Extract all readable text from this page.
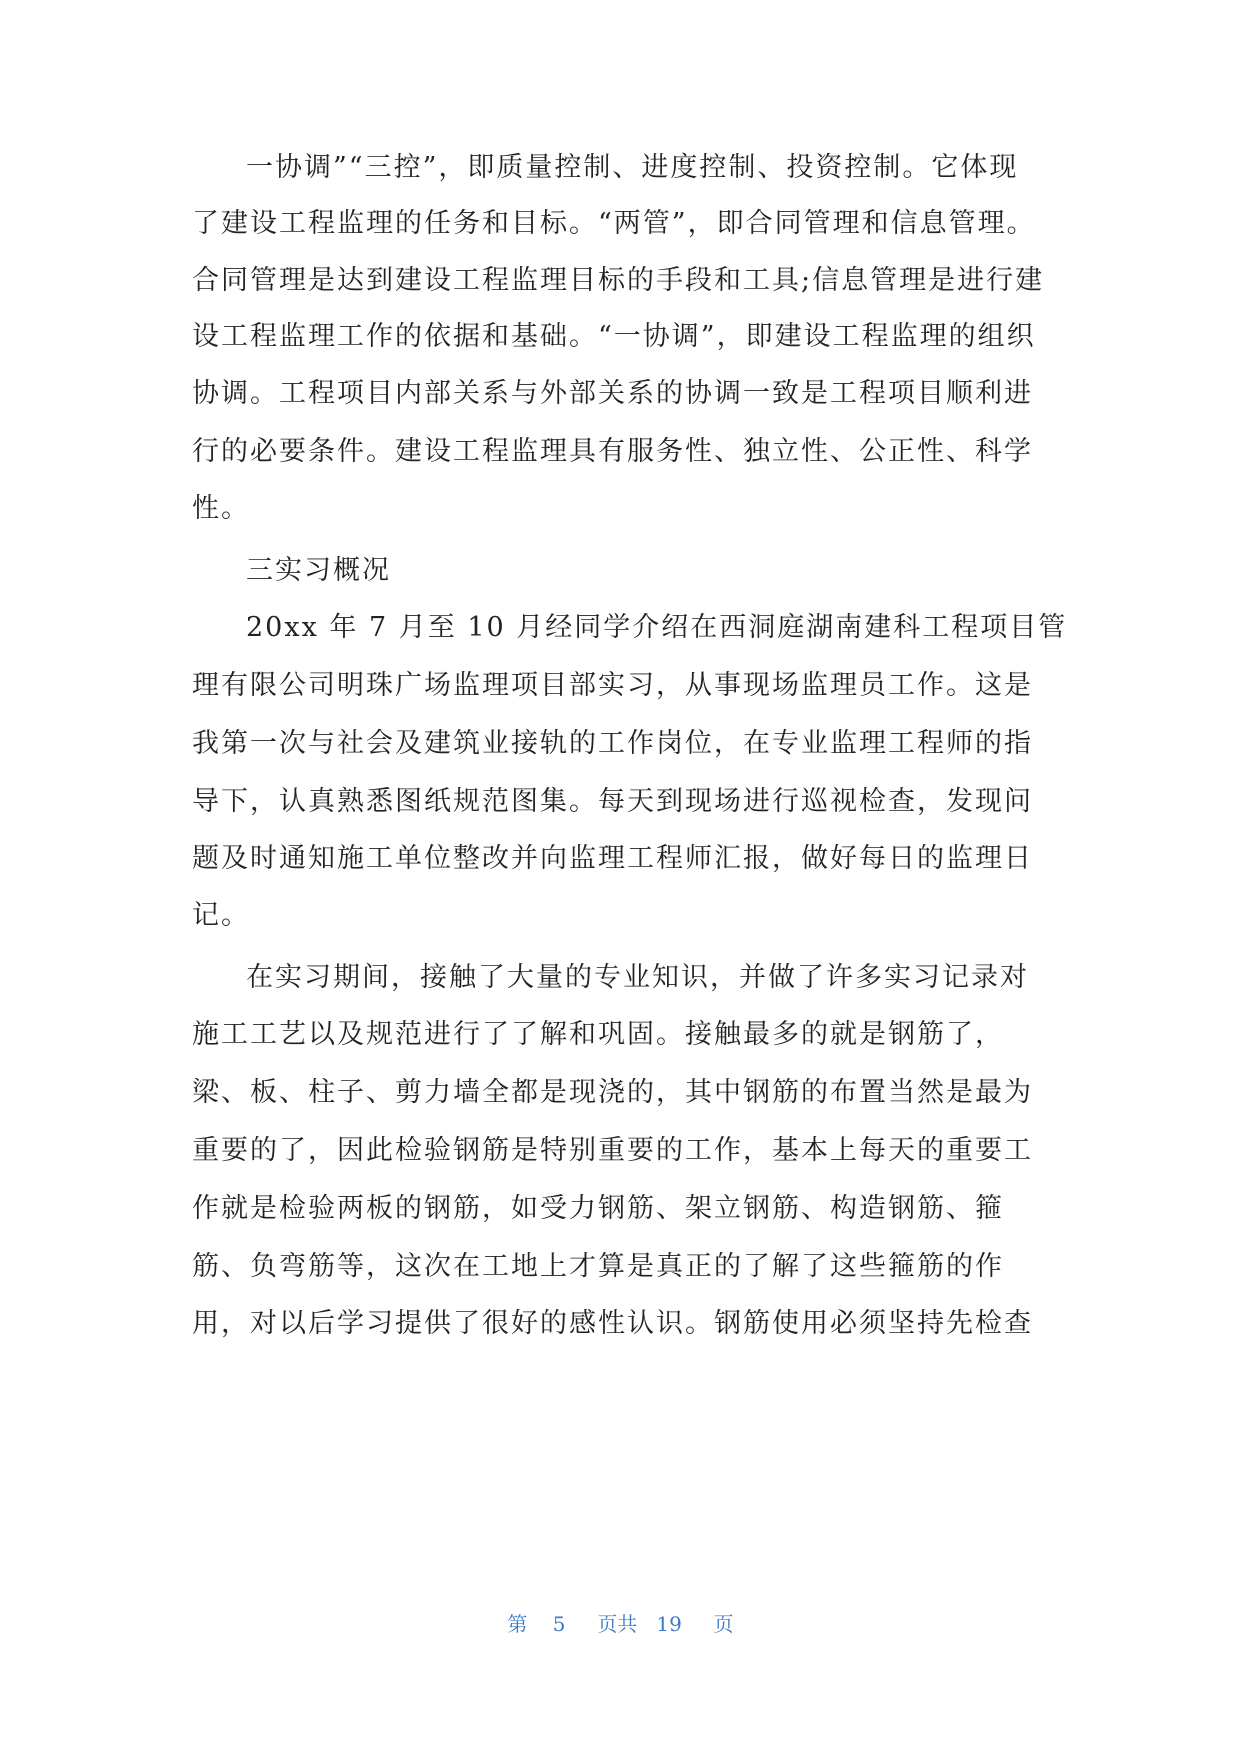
一协调”“三控”，即质量控制、进度控制、投资控制。它体现
了建设工程监理的任务和目标。“两管”，即合同管理和信息管理。
合同管理是达到建设工程监理目标的手段和工具;信息管理是进行建
设工程监理工作的依据和基础。“一协调”，即建设工程监理的组织
协调。工程项目内部关系与外部关系的协调一致是工程项目顺利进
行的必要条件。建设工程监理具有服务性、独立性、公正性、科学
性。
三实习概况
20xx 年 7 月至 10 月经同学介绍在西洞庭湖南建科工程项目管
理有限公司明珠广场监理项目部实习，从事现场监理员工作。这是
我第一次与社会及建筑业接轨的工作岗位，在专业监理工程师的指
导下，认真熟悉图纸规范图集。每天到现场进行巡视检查，发现问
题及时通知施工单位整改并向监理工程师汇报，做好每日的监理日
记。
在实习期间，接触了大量的专业知识，并做了许多实习记录对
施工工艺以及规范进行了了解和巩固。接触最多的就是钢筋了，
梁、板、柱子、剪力墙全都是现浇的，其中钢筋的布置当然是最为
重要的了，因此检验钢筋是特别重要的工作，基本上每天的重要工
作就是检验两板的钢筋，如受力钢筋、架立钢筋、构造钢筋、箍
筋、负弯筋等，这次在工地上才算是真正的了解了这些箍筋的作
用，对以后学习提供了很好的感性认识。钢筋使用必须坚持先检查
第 5 页共 19 页
